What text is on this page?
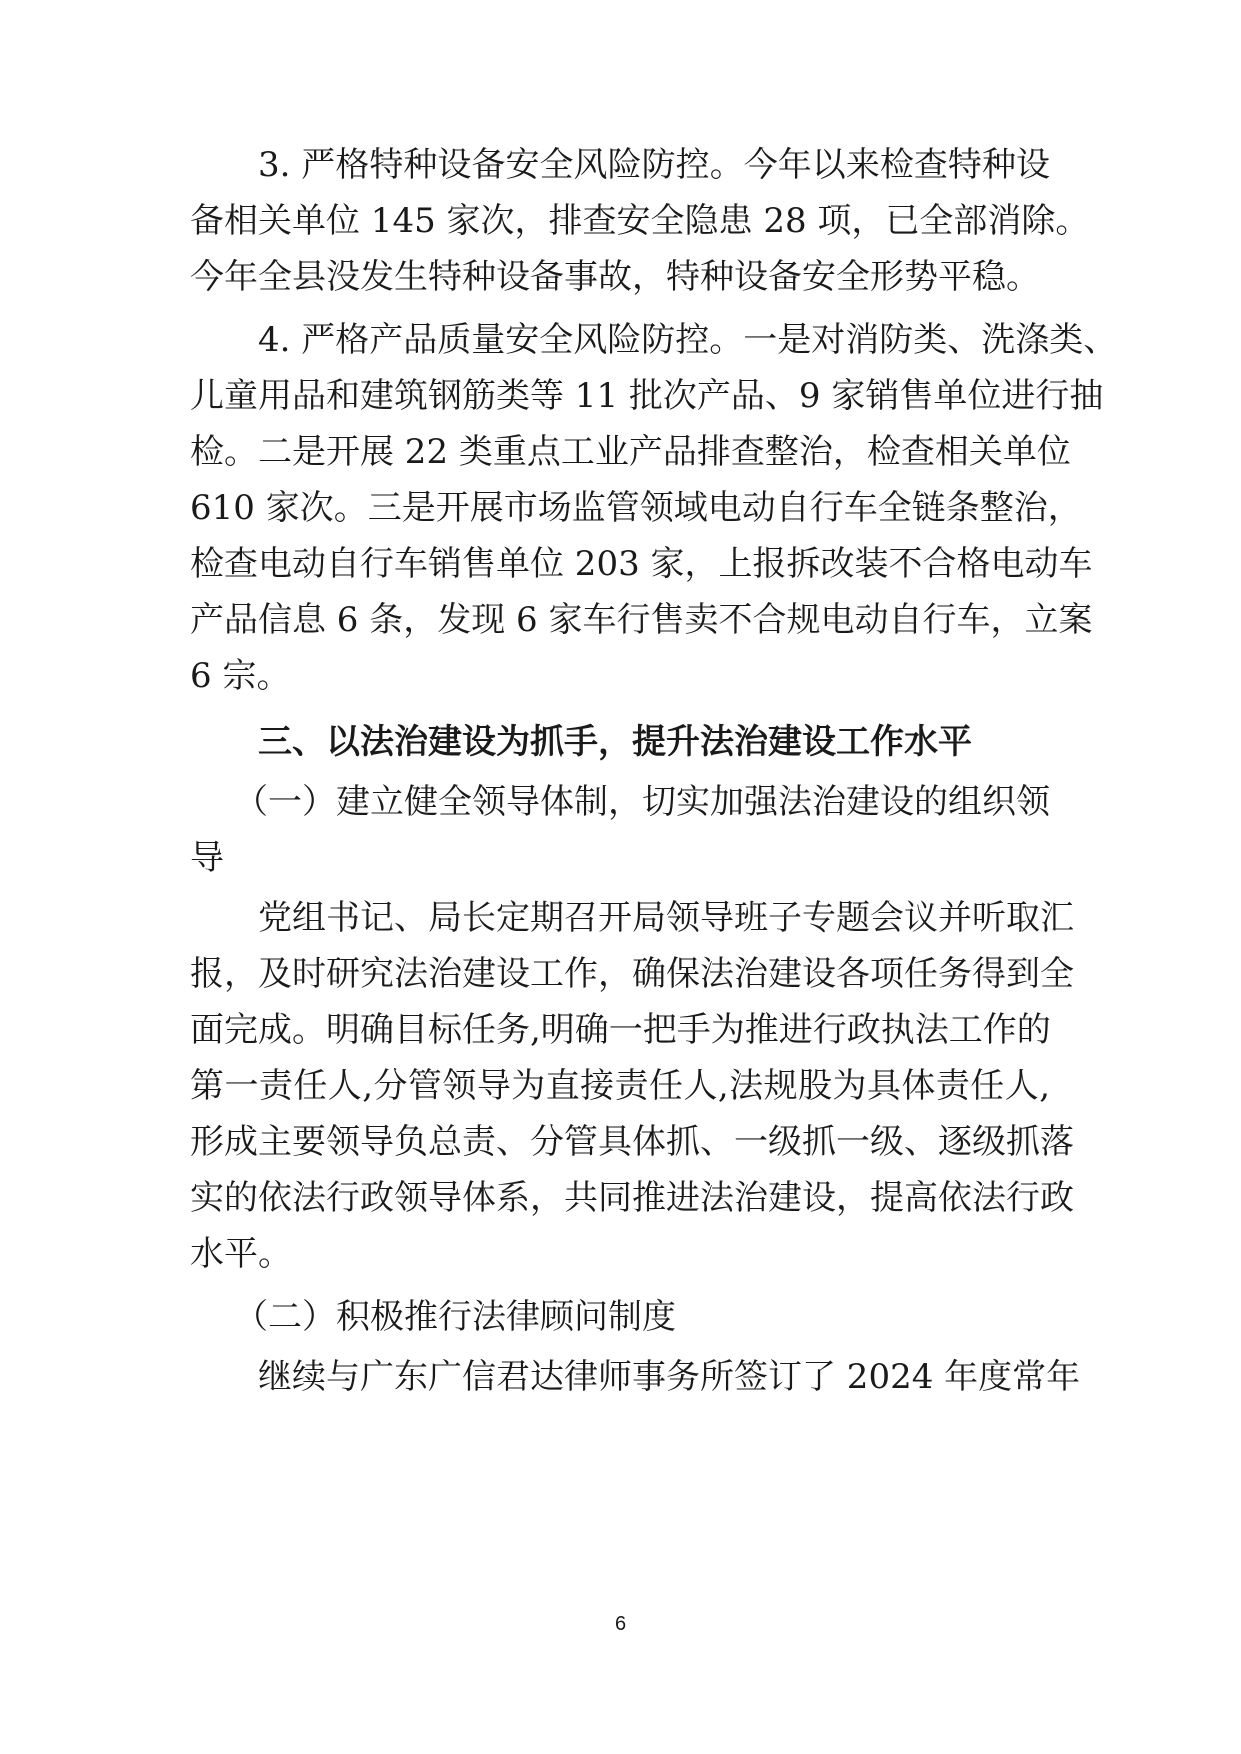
3. 严格特种设备安全风险防控。今年以来检查特种设
备相关单位 145 家次，排查安全隐患 28 项，已全部消除。
今年全县没发生特种设备事故，特种设备安全形势平稳。
4. 严格产品质量安全风险防控。一是对消防类、洗涤类、
儿童用品和建筑钢筋类等 11 批次产品、9 家销售单位进行抽
检。二是开展 22 类重点工业产品排查整治，检查相关单位
610 家次。三是开展市场监管领域电动自行车全链条整治，
检查电动自行车销售单位 203 家，上报拆改装不合格电动车
产品信息 6 条，发现 6 家车行售卖不合规电动自行车，立案
6 宗。
三、以法治建设为抓手，提升法治建设工作水平
（一）建立健全领导体制，切实加强法治建设的组织领
导
党组书记、局长定期召开局领导班子专题会议并听取汇
报，及时研究法治建设工作，确保法治建设各项任务得到全
面完成。明确目标任务,明确一把手为推进行政执法工作的
第一责任人,分管领导为直接责任人,法规股为具体责任人,
形成主要领导负总责、分管具体抓、一级抓一级、逐级抓落
实的依法行政领导体系，共同推进法治建设，提高依法行政
水平。
（二）积极推行法律顾问制度
继续与广东广信君达律师事务所签订了 2024 年度常年
6
